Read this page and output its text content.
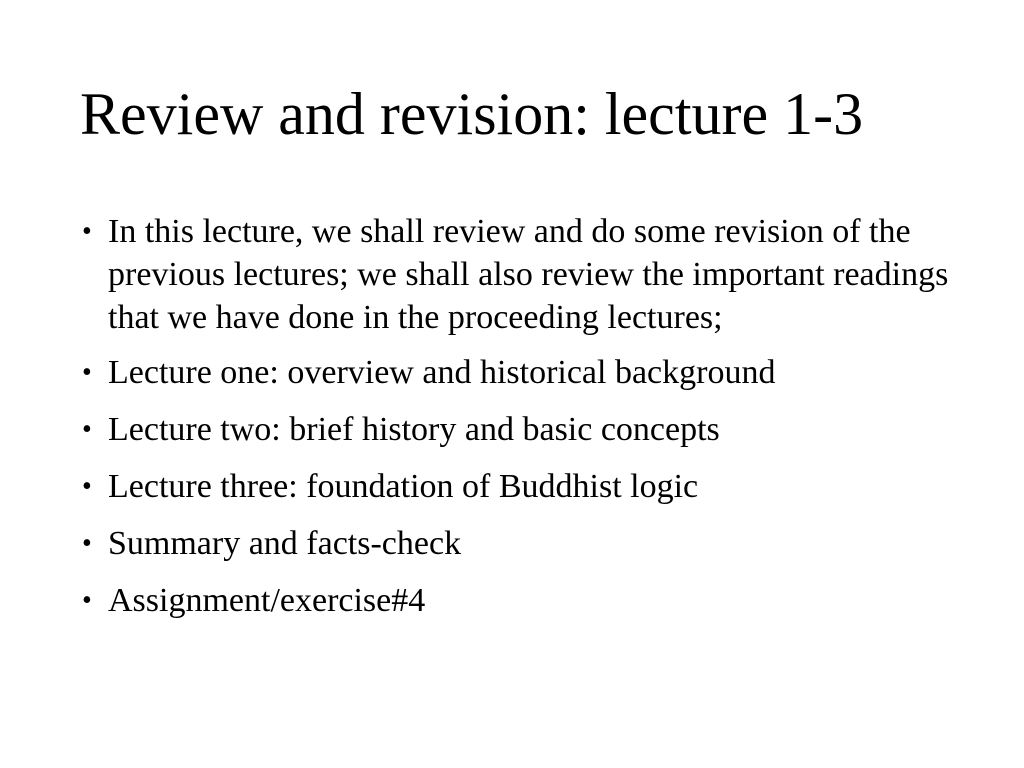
Review and revision: lecture 1-3
• In this lecture, we shall review and do some revision of the previous lectures; we shall also review the important readings that we have done in the proceeding lectures;
• Lecture one: overview and historical background
• Lecture two: brief history and basic concepts
• Lecture three: foundation of Buddhist logic
• Summary and facts-check
• Assignment/exercise#4
